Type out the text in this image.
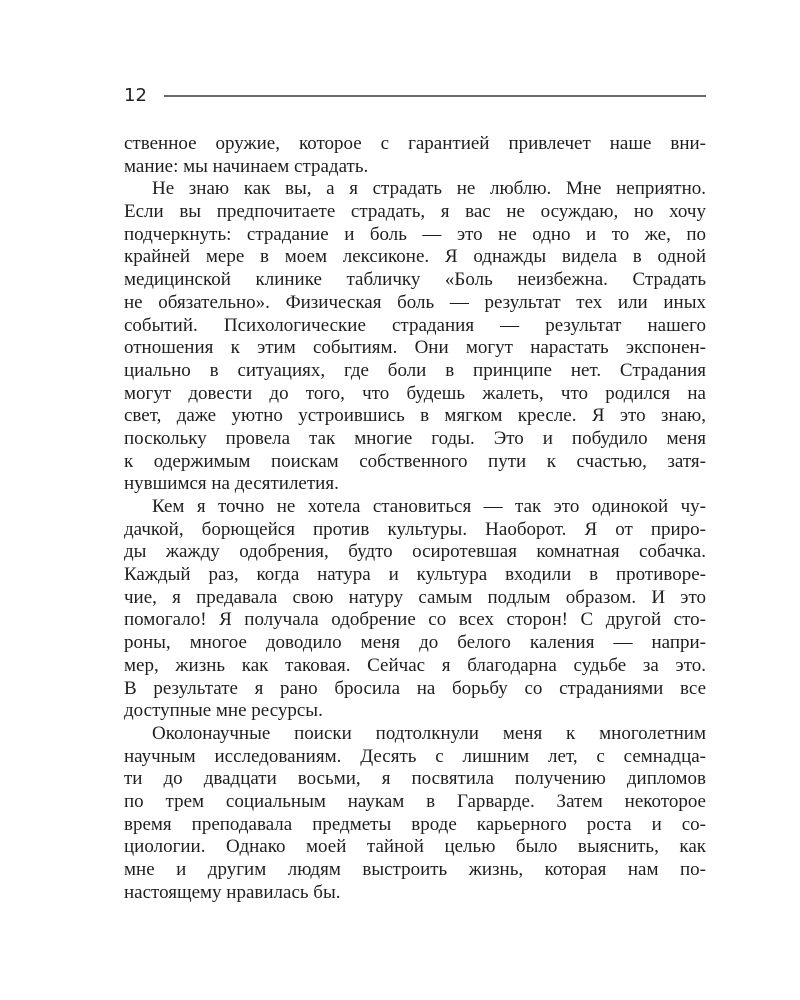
12
ственное оружие, которое с гарантией привлечет наше вни-
мание: мы начинаем страдать.
Не знаю как вы, а я страдать не люблю. Мне неприятно.
Если вы предпочитаете страдать, я вас не осуждаю, но хочу
подчеркнуть: страдание и боль — это не одно и то же, по
крайней мере в моем лексиконе. Я однажды видела в одной
медицинской клинике табличку «Боль неизбежна. Страдать
не обязательно». Физическая боль — результат тех или иных
событий. Психологические страдания — результат нашего
отношения к этим событиям. Они могут нарастать экспонен-
циально в ситуациях, где боли в принципе нет. Страдания
могут довести до того, что будешь жалеть, что родился на
свет, даже уютно устроившись в мягком кресле. Я это знаю,
поскольку провела так многие годы. Это и побудило меня
к одержимым поискам собственного пути к счастью, затя-
нувшимся на десятилетия.
Кем я точно не хотела становиться — так это одинокой чу-
дачкой, борющейся против культуры. Наоборот. Я от приро-
ды жажду одобрения, будто осиротевшая комнатная собачка.
Каждый раз, когда натура и культура входили в противоре-
чие, я предавала свою натуру самым подлым образом. И это
помогало! Я получала одобрение со всех сторон! С другой сто-
роны, многое доводило меня до белого каления — напри-
мер, жизнь как таковая. Сейчас я благодарна судьбе за это.
В результате я рано бросила на борьбу со страданиями все
доступные мне ресурсы.
Околонаучные поиски подтолкнули меня к многолетним
научным исследованиям. Десять с лишним лет, с семнадца-
ти до двадцати восьми, я посвятила получению дипломов
по трем социальным наукам в Гарварде. Затем некоторое
время преподавала предметы вроде карьерного роста и со-
циологии. Однако моей тайной целью было выяснить, как
мне и другим людям выстроить жизнь, которая нам по-
настоящему нравилась бы.
